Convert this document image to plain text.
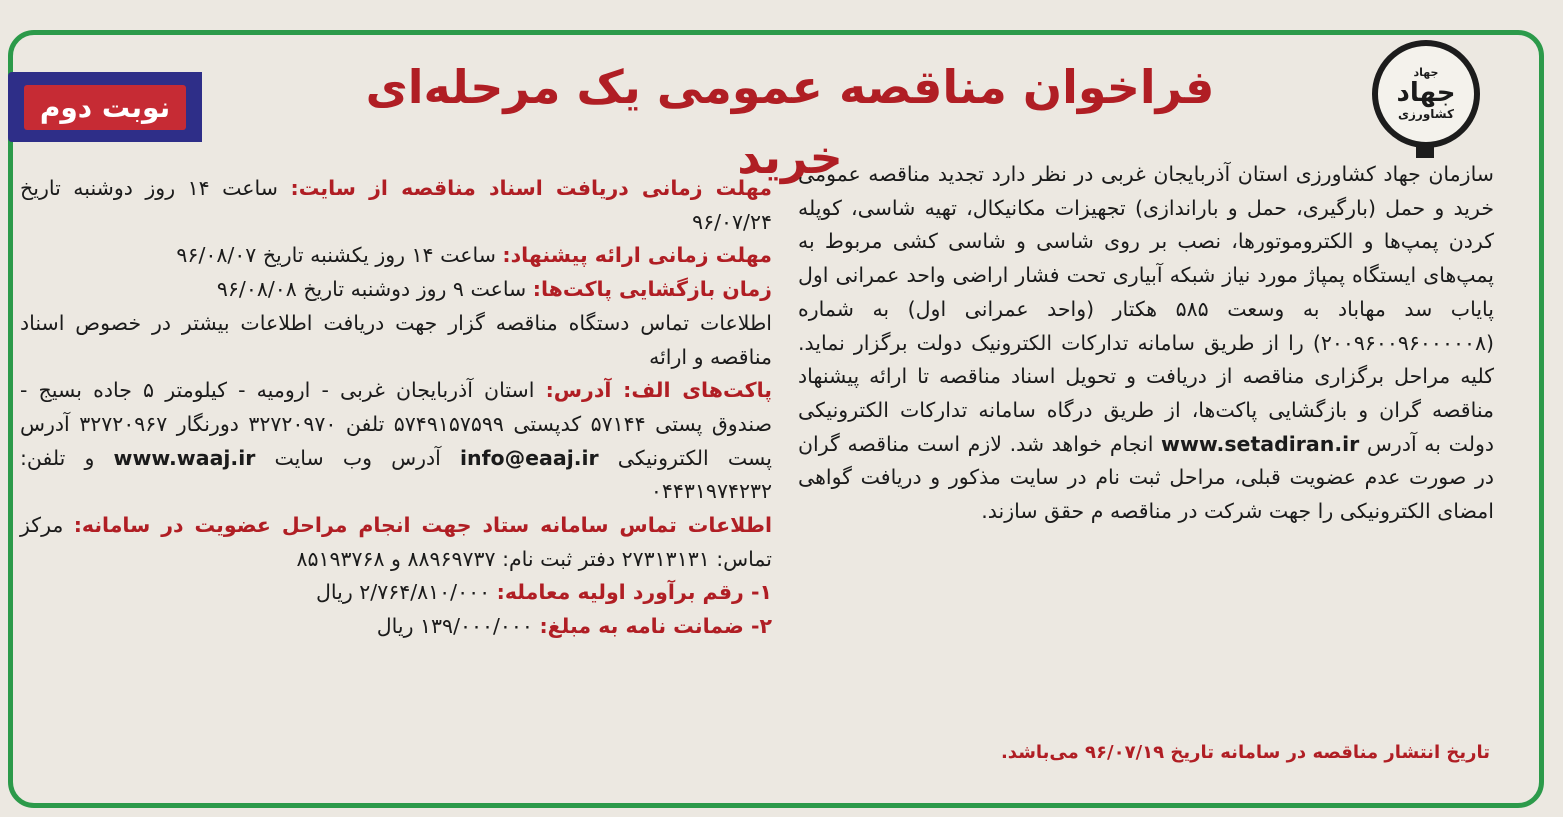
جهاد
جهاد
کشاورزی
فراخوان مناقصه عمومی یک مرحله‌ای خرید
نوبت دوم

سازمان جهاد کشاورزی استان آذربایجان غربی در نظر دارد تجدید مناقصه عمومی خرید و حمل (بارگیری، حمل و باراندازی) تجهیزات مکانیکال، تهیه شاسی، کوپله کردن پمپ‌ها و الکتروموتورها، نصب بر روی شاسی و شاسی کشی مربوط به پمپ‌های ایستگاه پمپاژ مورد نیاز شبکه آبیاری تحت فشار اراضی واحد عمرانی اول پایاب سد مهاباد به وسعت ۵۸۵ هکتار (واحد عمرانی اول) به شماره (۲۰۰۹۶۰۰۹۶۰۰۰۰۰۸) را از طریق سامانه تدارکات الکترونیک دولت برگزار نماید. کلیه مراحل برگزاری مناقصه از دریافت و تحویل اسناد مناقصه تا ارائه پیشنهاد مناقصه گران و بازگشایی پاکت‌ها، از طریق درگاه سامانه تدارکات الکترونیکی دولت به آدرس www.setadiran.ir انجام خواهد شد. لازم است مناقصه گران در صورت عدم عضویت قبلی، مراحل ثبت نام در سایت مذکور و دریافت گواهی امضای الکترونیکی را جهت شرکت در مناقصه م حقق سازند.

تاریخ انتشار مناقصه در سامانه تاریخ ۹۶/۰۷/۱۹ می‌باشد.

مهلت زمانی دریافت اسناد مناقصه از سایت: ساعت ۱۴ روز دوشنبه تاریخ ۹۶/۰۷/۲۴

مهلت زمانی ارائه پیشنهاد: ساعت ۱۴ روز یکشنبه تاریخ ۹۶/۰۸/۰۷

زمان بازگشایی پاکت‌ها: ساعت ۹ روز دوشنبه تاریخ ۹۶/۰۸/۰۸

اطلاعات تماس دستگاه مناقصه گزار جهت دریافت اطلاعات بیشتر در خصوص اسناد مناقصه و ارائه

پاکت‌های الف: آدرس: استان آذربایجان غربی - ارومیه - کیلومتر ۵ جاده بسیج - صندوق پستی ۵۷۱۴۴ کدپستی ۵۷۴۹۱۵۷۵۹۹ تلفن ۳۲۷۲۰۹۷۰ دورنگار ۳۲۷۲۰۹۶۷ آدرس پست الکترونیکی info@eaaj.ir آدرس وب سایت www.waaj.ir و تلفن: ۰۴۴۳۱۹۷۴۲۳۲

اطلاعات تماس سامانه ستاد جهت انجام مراحل عضویت در سامانه: مرکز تماس: ۲۷۳۱۳۱۳۱ دفتر ثبت نام: ۸۸۹۶۹۷۳۷ و ۸۵۱۹۳۷۶۸

۱- رقم برآورد اولیه معامله: ۲/۷۶۴/۸۱۰/۰۰۰ ریال

۲- ضمانت نامه به مبلغ: ۱۳۹/۰۰۰/۰۰۰ ریال
